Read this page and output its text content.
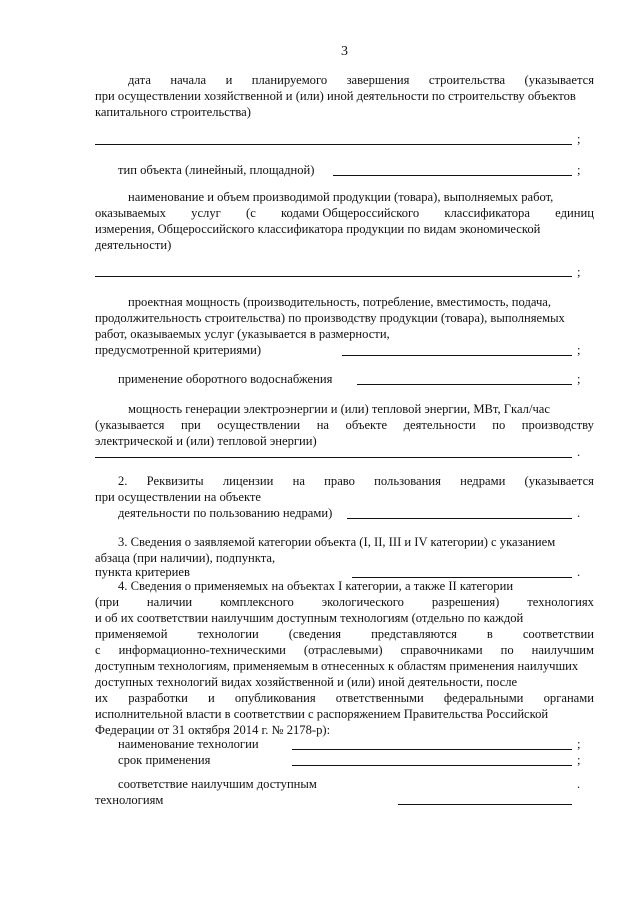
3
дата начала и планируемого завершения строительства (указывается
при осуществлении хозяйственной и (или) иной деятельности по строительству объектов
капитального строительства)
;
тип объекта (линейный, площадной)	;
наименование и объем производимой продукции (товара), выполняемых работ,
оказываемых услуг (с кодами Общероссийского классификатора единиц
измерения, Общероссийского классификатора продукции по видам экономической
деятельности)
;
проектная мощность (производительность, потребление, вместимость, подача,
продолжительность строительства) по производству продукции (товара), выполняемых
работ, оказываемых услуг (указывается в размерности,
предусмотренной критериями)	;
применение оборотного водоснабжения	;
мощность генерации электроэнергии и (или) тепловой энергии, МВт, Гкал/час
(указывается при осуществлении на объекте деятельности по производству
электрической и (или) тепловой энергии)
.
2. Реквизиты лицензии на право пользования недрами (указывается
при осуществлении на объекте
деятельности по пользованию недрами)	.
3. Сведения о заявляемой категории объекта (I, II, III и IV категории) с указанием
абзаца (при наличии), подпункта,
пункта критериев	.
4. Сведения о применяемых на объектах I категории, а также II категории
(при наличии комплексного экологического разрешения) технологиях
и об их соответствии наилучшим доступным технологиям (отдельно по каждой
применяемой технологии (сведения представляются в соответствии
с информационно-техническими (отраслевыми) справочниками по наилучшим
доступным технологиям, применяемым в отнесенных к областям применения наилучших
доступных технологий видах хозяйственной и (или) иной деятельности, после
их разработки и опубликования ответственными федеральными органами
исполнительной власти в соответствии с распоряжением Правительства Российской
Федерации от 31 октября 2014 г. № 2178-р):
наименование технологии	;
срок применения	;
соответствие наилучшим доступным
технологиям
.
